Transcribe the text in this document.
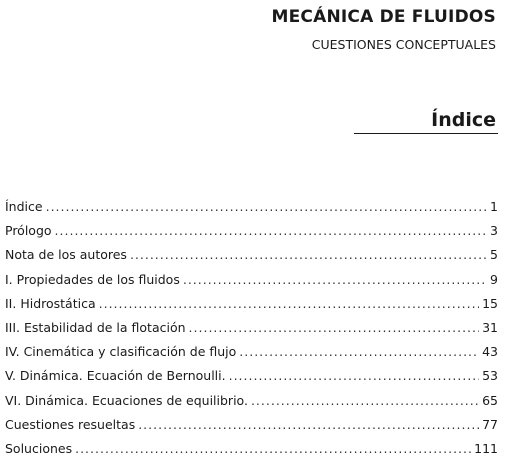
MECÁNICA DE FLUIDOS
CUESTIONES CONCEPTUALES
Índice
Índice .....	1
Prólogo .....	3
Nota de los autores .....	5
I. Propiedades de los fluidos .....	9
II. Hidrostática .....	15
III. Estabilidad de la flotación .....	31
IV. Cinemática y clasificación de flujo .....	43
V. Dinámica. Ecuación de Bernoulli. .....	53
VI. Dinámica. Ecuaciones de equilibrio. .....	65
Cuestiones resueltas .....	77
Soluciones .....	111
